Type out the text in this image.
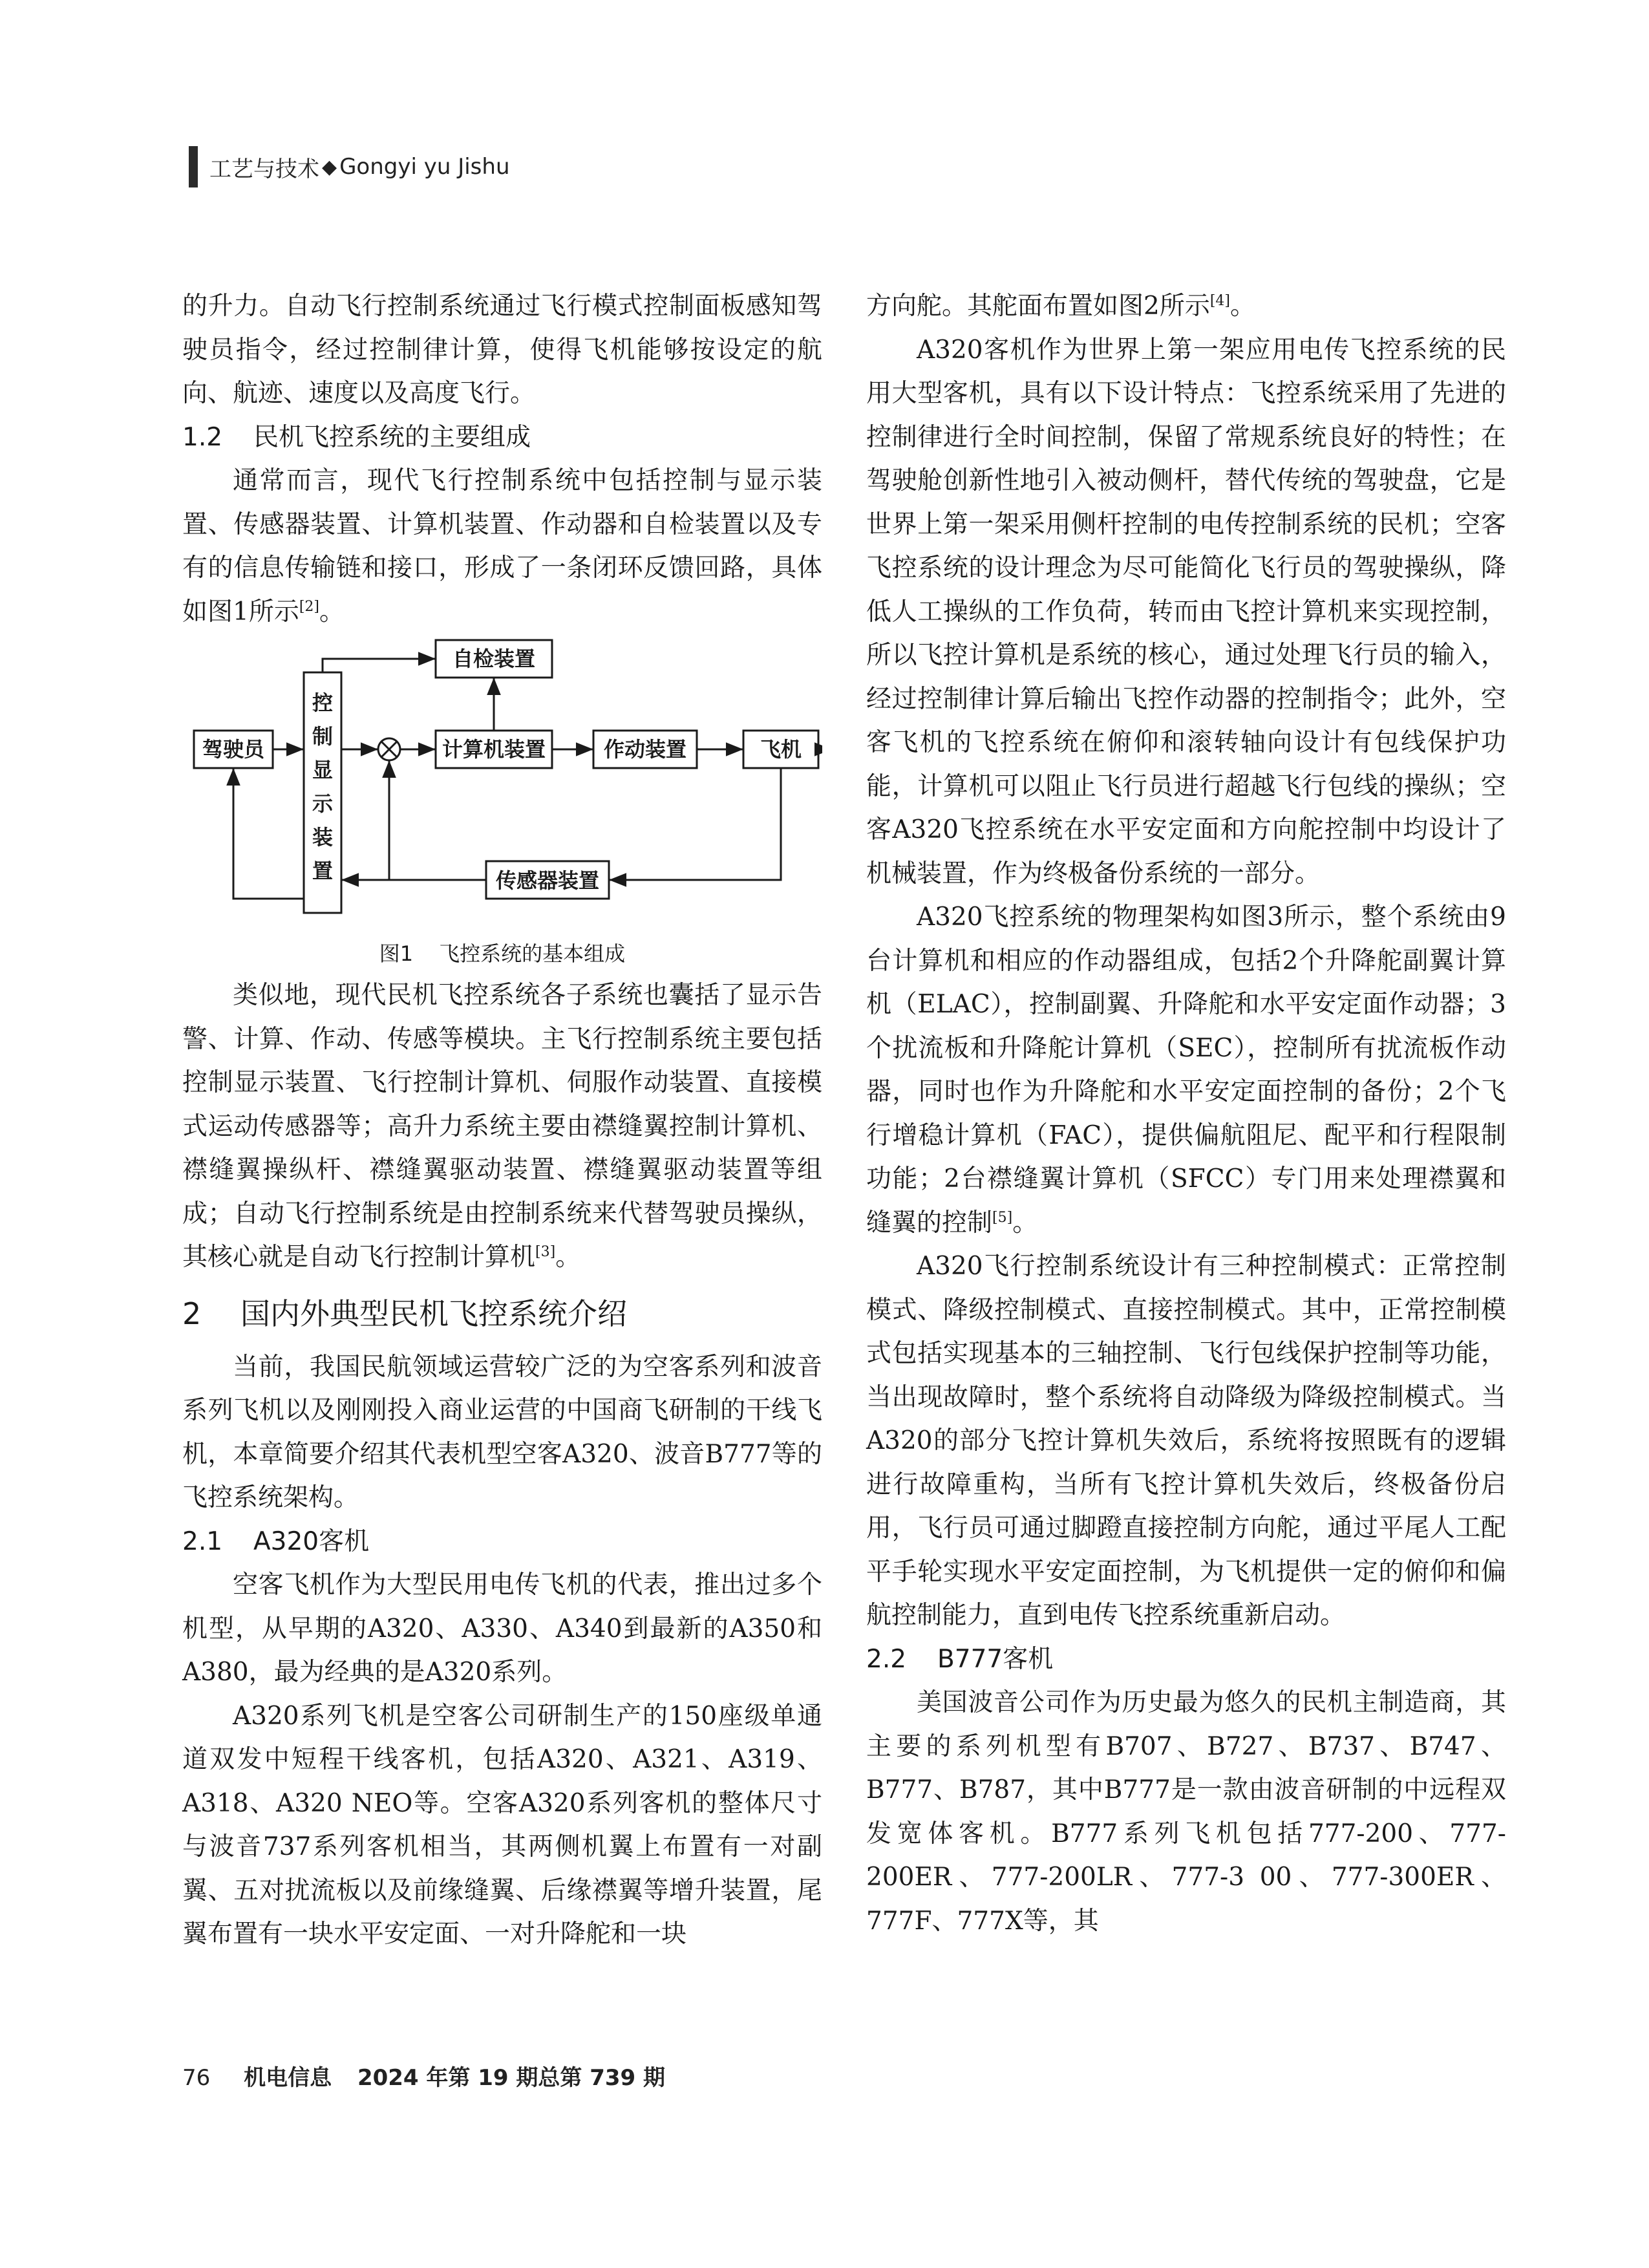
工艺与技术 ◆ Gongyi yu Jishu

的升力。自动飞行控制系统通过飞行模式控制面板感知驾驶员指令，经过控制律计算，使得飞机能够按设定的航向、航迹、速度以及高度飞行。

1.2 民机飞控系统的主要组成

通常而言，现代飞行控制系统中包括控制与显示装置、传感器装置、计算机装置、作动器和自检装置以及专有的信息传输链和接口，形成了一条闭环反馈回路，具体如图1所示[2]。

驾驶员
自检装置
计算机装置	作动装置	飞机
传感器装置
控
制
显
示
装
置
图1 飞控系统的基本组成

类似地，现代民机飞控系统各子系统也囊括了显示告警、计算、作动、传感等模块。主飞行控制系统主要包括控制显示装置、飞行控制计算机、伺服作动装置、直接模式运动传感器等；高升力系统主要由襟缝翼控制计算机、襟缝翼操纵杆、襟缝翼驱动装置、襟缝翼驱动装置等组成；自动飞行控制系统是由控制系统来代替驾驶员操纵，其核心就是自动飞行控制计算机[3]。

2 国内外典型民机飞控系统介绍

当前，我国民航领域运营较广泛的为空客系列和波音系列飞机以及刚刚投入商业运营的中国商飞研制的干线飞机，本章简要介绍其代表机型空客A320、波音B777等的飞控系统架构。

2.1 A320客机

空客飞机作为大型民用电传飞机的代表，推出过多个机型，从早期的A320、A330、A340到最新的A350和A380，最为经典的是A320系列。

A320系列飞机是空客公司研制生产的150座级单通道双发中短程干线客机，包括A320、A321、A319、A318、A320 NEO等。空客A320系列客机的整体尺寸与波音737系列客机相当，其两侧机翼上布置有一对副翼、五对扰流板以及前缘缝翼、后缘襟翼等增升装置，尾翼布置有一块水平安定面、一对升降舵和一块

方向舵。其舵面布置如图2所示[4]。

A320客机作为世界上第一架应用电传飞控系统的民用大型客机，具有以下设计特点：飞控系统采用了先进的控制律进行全时间控制，保留了常规系统良好的特性；在驾驶舱创新性地引入被动侧杆，替代传统的驾驶盘，它是世界上第一架采用侧杆控制的电传控制系统的民机；空客飞控系统的设计理念为尽可能简化飞行员的驾驶操纵，降低人工操纵的工作负荷，转而由飞控计算机来实现控制，所以飞控计算机是系统的核心，通过处理飞行员的输入，经过控制律计算后输出飞控作动器的控制指令；此外，空客飞机的飞控系统在俯仰和滚转轴向设计有包线保护功能，计算机可以阻止飞行员进行超越飞行包线的操纵；空客A320飞控系统在水平安定面和方向舵控制中均设计了机械装置，作为终极备份系统的一部分。

A320飞控系统的物理架构如图3所示，整个系统由9台计算机和相应的作动器组成，包括2个升降舵副翼计算机（ELAC），控制副翼、升降舵和水平安定面作动器；3个扰流板和升降舵计算机（SEC），控制所有扰流板作动器，同时也作为升降舵和水平安定面控制的备份；2个飞行增稳计算机（FAC），提供偏航阻尼、配平和行程限制功能；2台襟缝翼计算机（SFCC）专门用来处理襟翼和缝翼的控制[5]。

A320飞行控制系统设计有三种控制模式：正常控制模式、降级控制模式、直接控制模式。其中，正常控制模式包括实现基本的三轴控制、飞行包线保护控制等功能，当出现故障时，整个系统将自动降级为降级控制模式。当A320的部分飞控计算机失效后，系统将按照既有的逻辑进行故障重构，当所有飞控计算机失效后，终极备份启用，飞行员可通过脚蹬直接控制方向舵，通过平尾人工配平手轮实现水平安定面控制，为飞机提供一定的俯仰和偏航控制能力，直到电传飞控系统重新启动。

2.2 B777客机

美国波音公司作为历史最为悠久的民机主制造商，其主要的系列机型有B707、B727、B737、B747、B777、B787，其中B777是一款由波音研制的中远程双发宽体客机。B777系列飞机包括777-200、777-200ER、777-200LR、777-3 00、777-300ER、777F、777X等，其

76 机电信息 2024 年第 19 期总第 739 期
